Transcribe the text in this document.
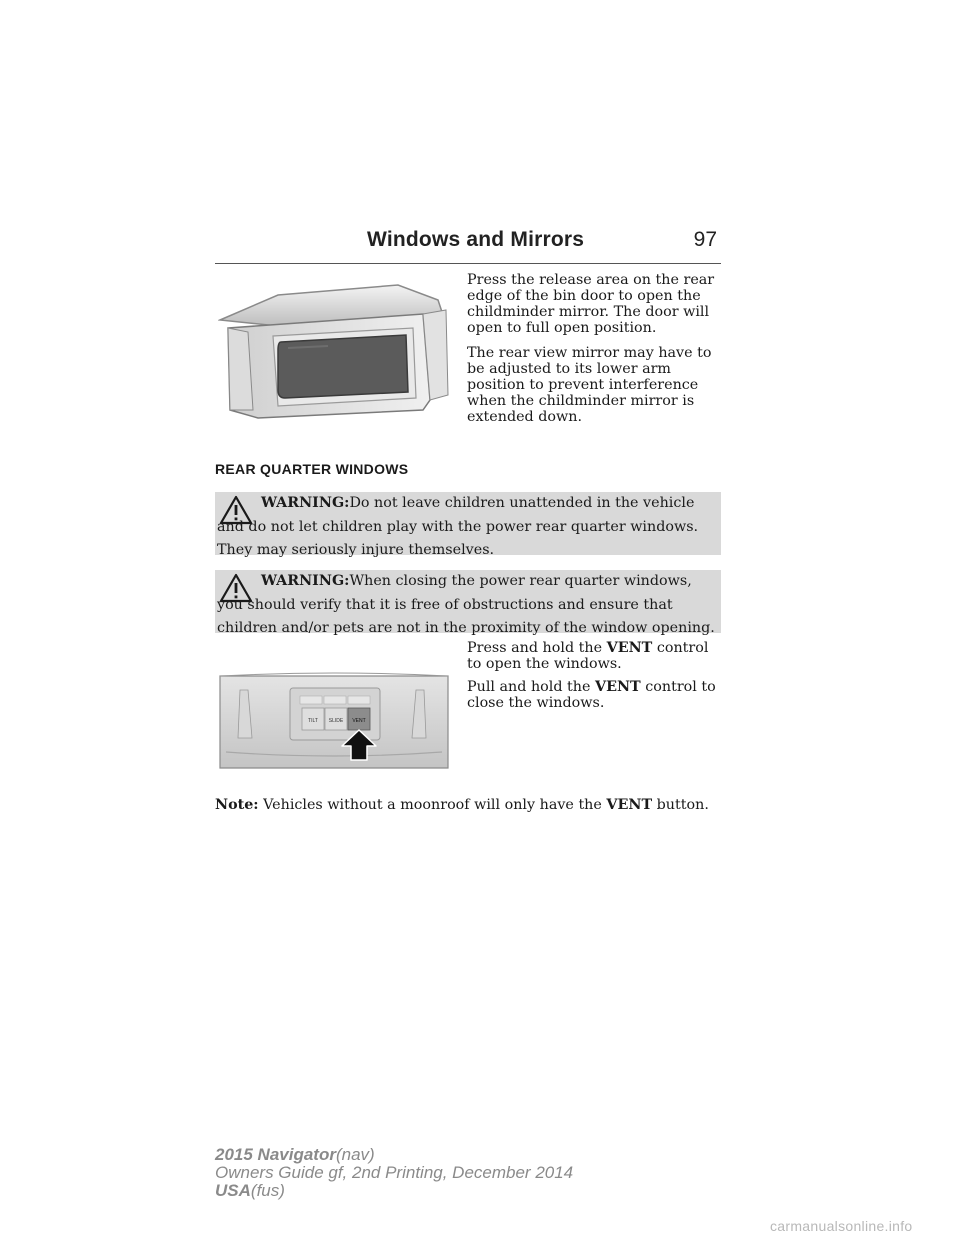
Windows and Mirrors	97
Press the release area on the rear edge of the bin door to open the childminder mirror. The door will open to full open position.
The rear view mirror may have to be adjusted to its lower arm position to prevent interference when the childminder mirror is extended down.
REAR QUARTER WINDOWS
WARNING:Do not leave children unattended in the vehicle and do not let children play with the power rear quarter windows. They may seriously injure themselves.
WARNING:When closing the power rear quarter windows, you should verify that it is free of obstructions and ensure that children and/or pets are not in the proximity of the window opening.
TILT SLIDE VENT
Press and hold the VENT control to open the windows.
Pull and hold the VENT control to close the windows.
Note: Vehicles without a moonroof will only have the VENT button.
2015 Navigator(nav)
Owners Guide gf, 2nd Printing, December 2014
USA(fus)
carmanualsonline.info
